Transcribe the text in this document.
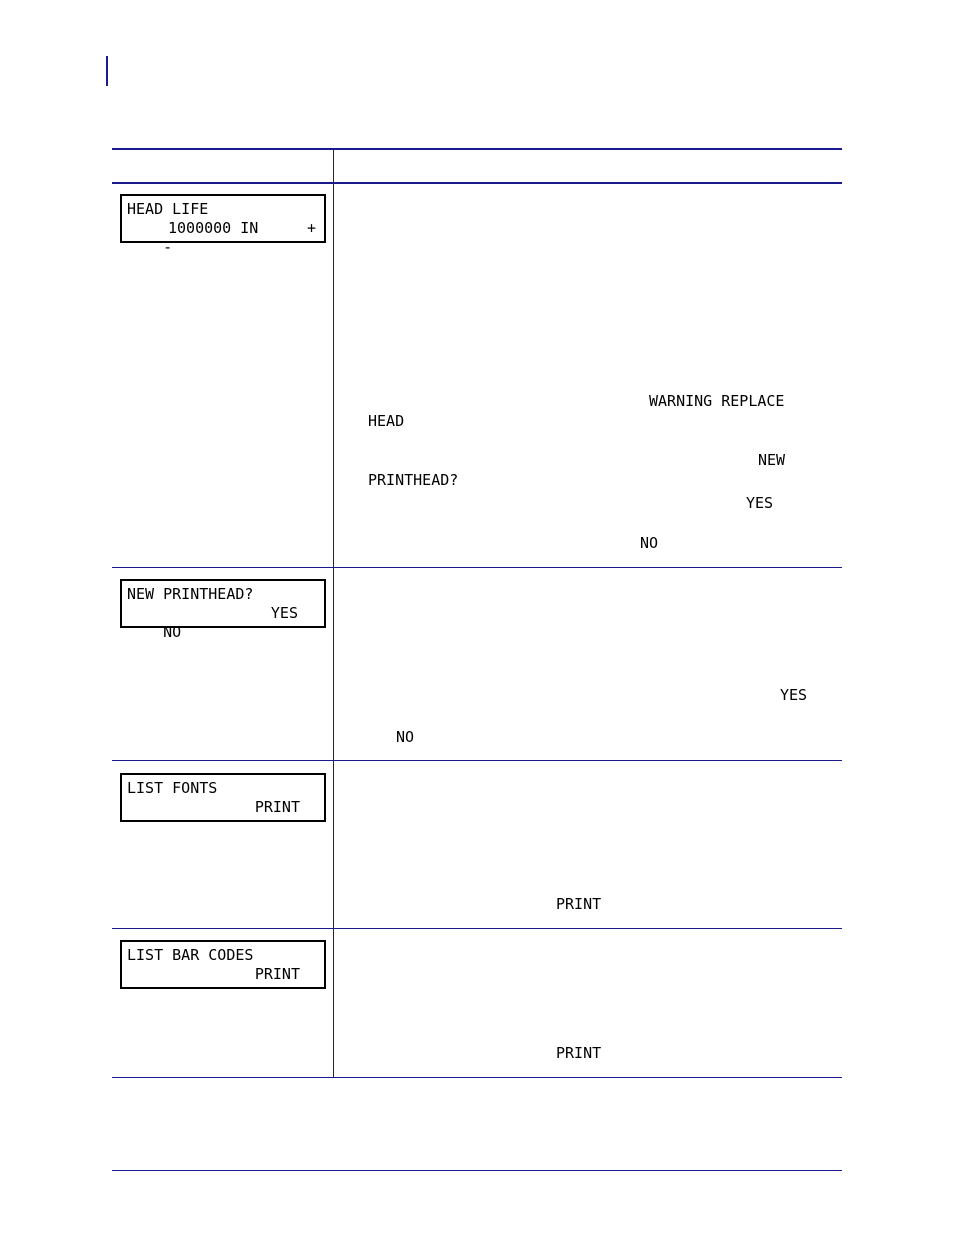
HEAD LIFE

-

1000000 IN

	+

WARNING REPLACE
HEAD
NEW
PRINTHEAD?
YES
NO
NEW PRINTHEAD?

NO

YES

YES
NO
LIST FONTS

PRINT

PRINT
LIST BAR CODES

PRINT

PRINT
